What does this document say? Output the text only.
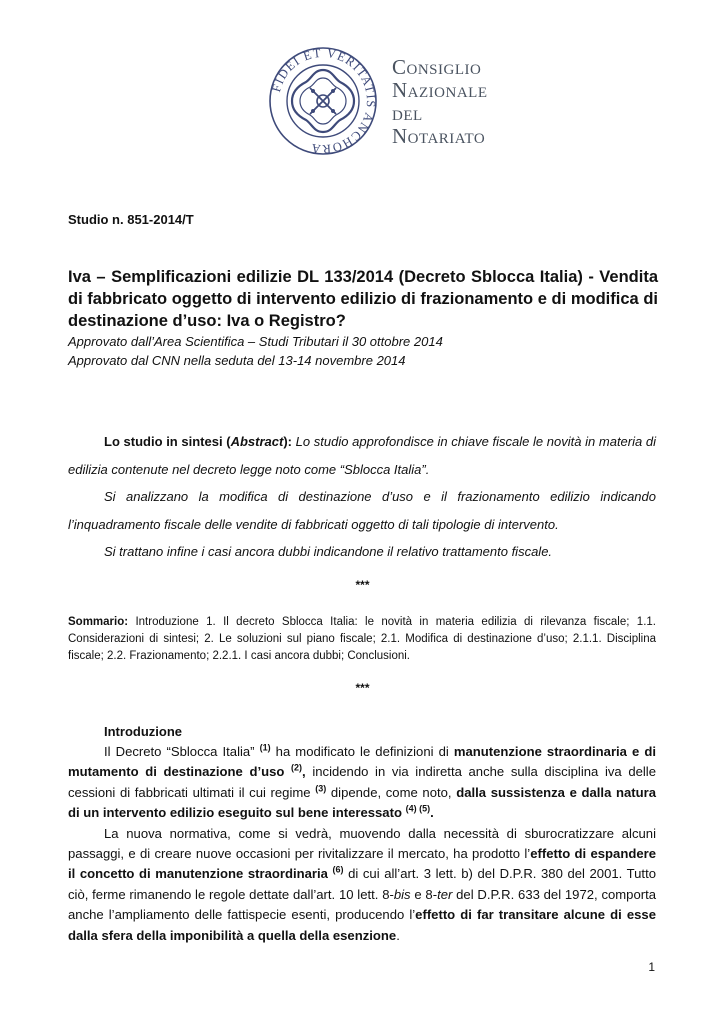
FIDEI ET VERITATIS ANCHORA
Consiglio
Nazionale
del
Notariato
Studio n. 851-2014/T
Iva – Semplificazioni edilizie DL 133/2014 (Decreto Sblocca Italia) - Vendita di fabbricato oggetto di intervento edilizio di frazionamento e di modifica di destinazione d’uso: Iva o Registro?
Approvato dall’Area Scientifica – Studi Tributari il 30 ottobre 2014
Approvato dal CNN nella seduta del 13-14 novembre 2014

Lo studio in sintesi (Abstract): Lo studio approfondisce in chiave fiscale le novità in materia di edilizia contenute nel decreto legge noto come “Sblocca Italia”.

Si analizzano la modifica di destinazione d’uso e il frazionamento edilizio indicando l’inquadramento fiscale delle vendite di fabbricati oggetto di tali tipologie di intervento.

Si trattano infine i casi ancora dubbi indicandone il relativo trattamento fiscale.

***
Sommario: Introduzione 1. Il decreto Sblocca Italia: le novità in materia edilizia di rilevanza fiscale; 1.1. Considerazioni di sintesi; 2. Le soluzioni sul piano fiscale; 2.1. Modifica di destinazione d’uso; 2.1.1. Disciplina fiscale; 2.2. Frazionamento; 2.2.1. I casi ancora dubbi; Conclusioni.
***
Introduzione

Il Decreto “Sblocca Italia” $^{(1)}$ ha modificato le definizioni di manutenzione straordinaria e di mutamento di destinazione d’uso $^{(2)}$, incidendo in via indiretta anche sulla disciplina iva delle cessioni di fabbricati ultimati il cui regime $^{(3)}$ dipende, come noto, dalla sussistenza e dalla natura di un intervento edilizio eseguito sul bene interessato $^{(4) (5)}$.

La nuova normativa, come si vedrà, muovendo dalla necessità di sburocratizzare alcuni passaggi, e di creare nuove occasioni per rivitalizzare il mercato, ha prodotto l’effetto di espandere il concetto di manutenzione straordinaria $^{(6)}$ di cui all’art. 3 lett. b) del D.P.R. 380 del 2001. Tutto ciò, ferme rimanendo le regole dettate dall’art. 10 lett. 8-bis e 8-ter del D.P.R. 633 del 1972, comporta anche l’ampliamento delle fattispecie esenti, producendo l’effetto di far transitare alcune di esse dalla sfera della imponibilità a quella della esenzione.

1
